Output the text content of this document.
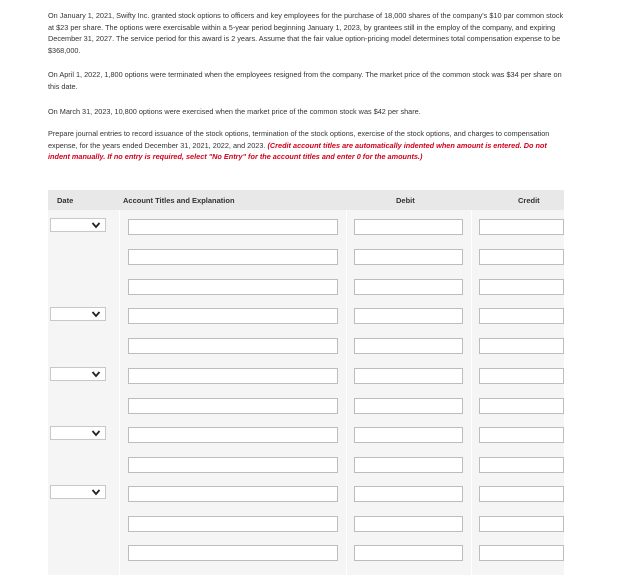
On January 1, 2021, Swifty Inc. granted stock options to officers and key employees for the purchase of 18,000 shares of the company's $10 par common stock at $23 per share. The options were exercisable within a 5-year period beginning January 1, 2023, by grantees still in the employ of the company, and expiring December 31, 2027. The service period for this award is 2 years. Assume that the fair value option-pricing model determines total compensation expense to be $368,000.

On April 1, 2022, 1,800 options were terminated when the employees resigned from the company. The market price of the common stock was $34 per share on this date.

On March 31, 2023, 10,800 options were exercised when the market price of the common stock was $42 per share.

Prepare journal entries to record issuance of the stock options, termination of the stock options, exercise of the stock options, and charges to compensation expense, for the years ended December 31, 2021, 2022, and 2023. (Credit account titles are automatically indented when amount is entered. Do not indent manually. If no entry is required, select "No Entry" for the account titles and enter 0 for the amounts.)

Date	Account Titles and Explanation	Debit	Credit
